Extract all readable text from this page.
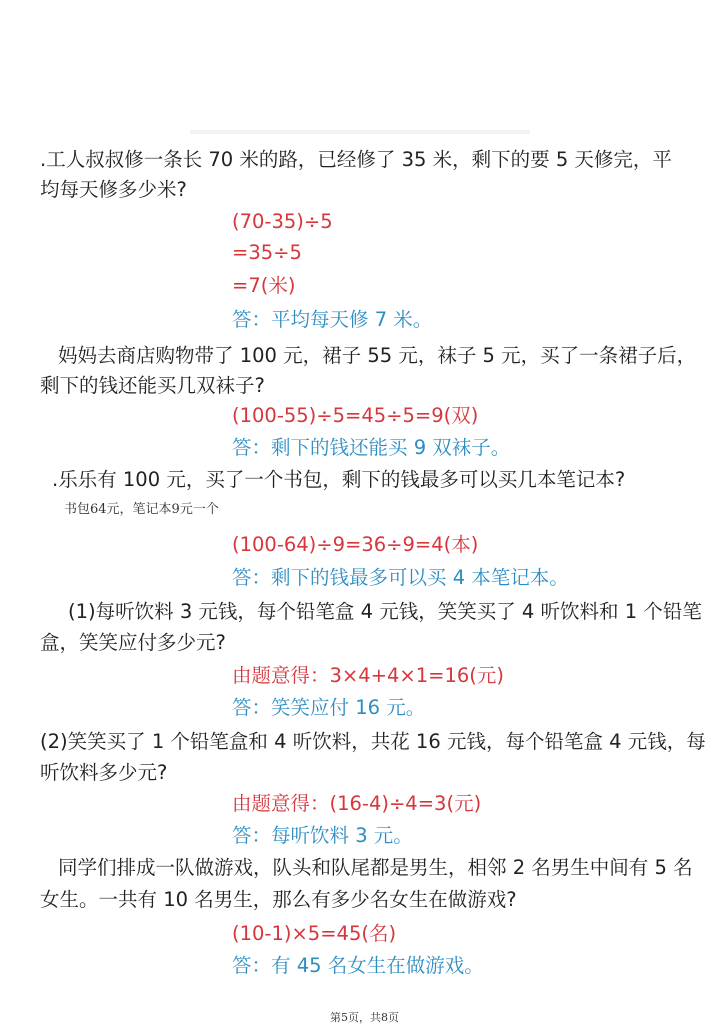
.工人叔叔修一条长 70 米的路，已经修了 35 米，剩下的要 5 天修完，平
均每天修多少米?
(70-35)÷5
=35÷5
=7(米)
答：平均每天修 7 米。
妈妈去商店购物带了 100 元，裙子 55 元，袜子 5 元，买了一条裙子后，
剩下的钱还能买几双袜子?
(100-55)÷5=45÷5=9(双)
答：剩下的钱还能买 9 双袜子。
.乐乐有 100 元，买了一个书包，剩下的钱最多可以买几本笔记本?
书包64元，笔记本9元一个
(100-64)÷9=36÷9=4(本)
答：剩下的钱最多可以买 4 本笔记本。
(1)每听饮料 3 元钱，每个铅笔盒 4 元钱，笑笑买了 4 听饮料和 1 个铅笔
盒，笑笑应付多少元?
由题意得：3×4+4×1=16(元)
答：笑笑应付 16 元。
(2)笑笑买了 1 个铅笔盒和 4 听饮料，共花 16 元钱，每个铅笔盒 4 元钱，每
听饮料多少元?
由题意得：(16-4)÷4=3(元)
答：每听饮料 3 元。
同学们排成一队做游戏，队头和队尾都是男生，相邻 2 名男生中间有 5 名
女生。一共有 10 名男生，那么有多少名女生在做游戏?
(10-1)×5=45(名)
答：有 45 名女生在做游戏。
第5页，共8页
